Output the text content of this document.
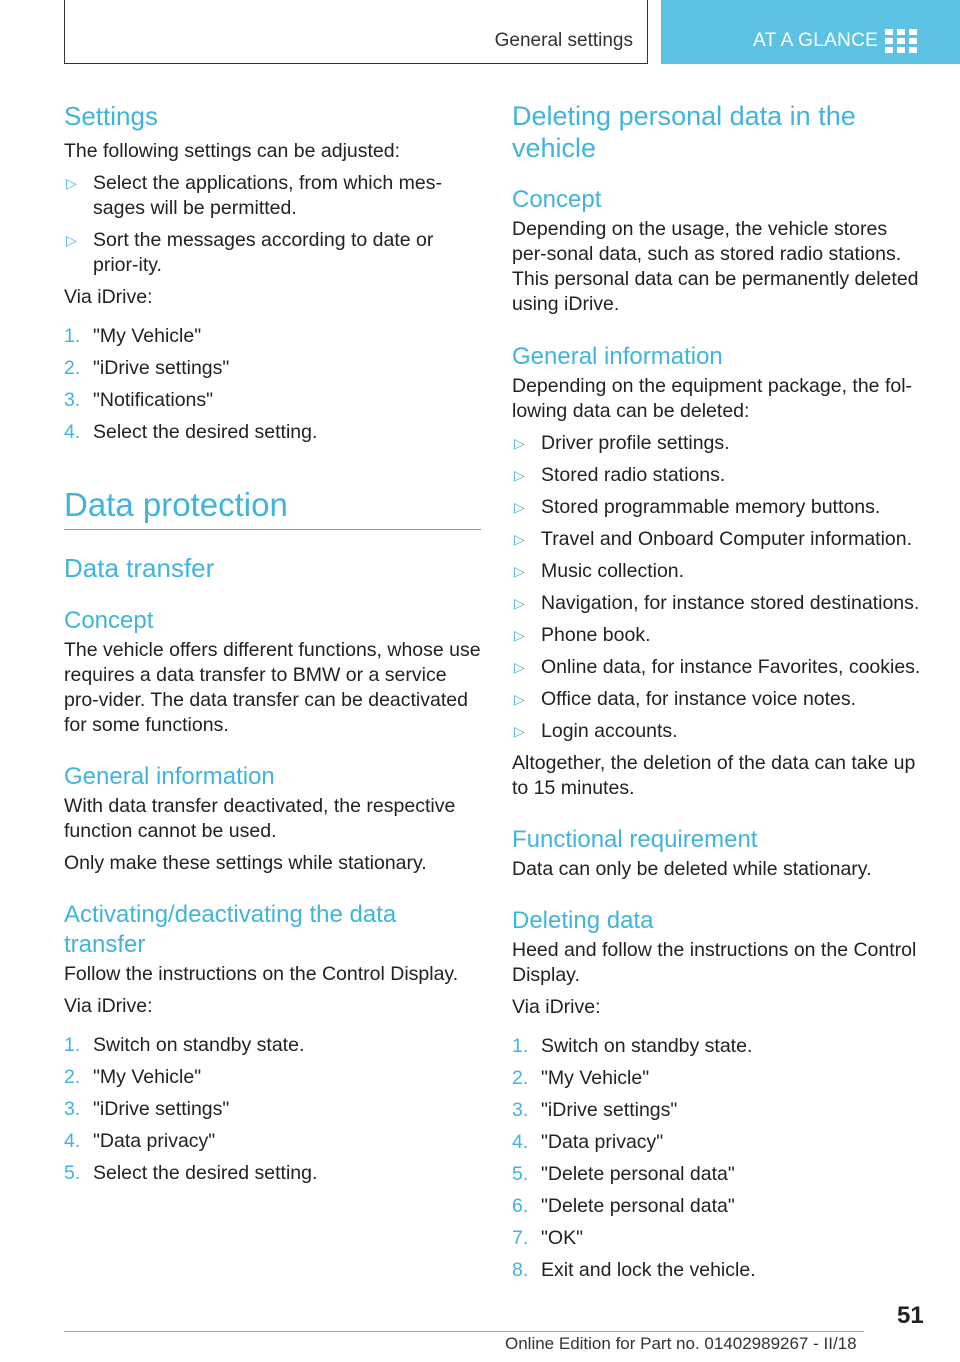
General settings	AT A GLANCE
Settings

The following settings can be adjusted:

▷ Select the applications, from which mes-sages will be permitted.
▷ Sort the messages according to date or prior-ity.

Via iDrive:

1. "My Vehicle"
2. "iDrive settings"
3. "Notifications"
4. Select the desired setting.
Data protection
Data transfer
Concept

The vehicle offers different functions, whose use requires a data transfer to BMW or a service pro-vider. The data transfer can be deactivated for some functions.

General information

With data transfer deactivated, the respective function cannot be used.

Only make these settings while stationary.

Activating/deactivating the data transfer

Follow the instructions on the Control Display.

Via iDrive:

1. Switch on standby state.
2. "My Vehicle"
3. "iDrive settings"
4. "Data privacy"
5. Select the desired setting.
Deleting personal data in the vehicle
Concept

Depending on the usage, the vehicle stores per-sonal data, such as stored radio stations. This personal data can be permanently deleted using iDrive.

General information

Depending on the equipment package, the fol-lowing data can be deleted:

▷ Driver profile settings.
▷ Stored radio stations.
▷ Stored programmable memory buttons.
▷ Travel and Onboard Computer information.
▷ Music collection.
▷ Navigation, for instance stored destinations.
▷ Phone book.
▷ Online data, for instance Favorites, cookies.
▷ Office data, for instance voice notes.
▷ Login accounts.

Altogether, the deletion of the data can take up to 15 minutes.

Functional requirement

Data can only be deleted while stationary.

Deleting data

Heed and follow the instructions on the Control Display.

Via iDrive:

1. Switch on standby state.
2. "My Vehicle"
3. "iDrive settings"
4. "Data privacy"
5. "Delete personal data"
6. "Delete personal data"
7. "OK"
8. Exit and lock the vehicle.
51
Online Edition for Part no. 01402989267 - II/18
